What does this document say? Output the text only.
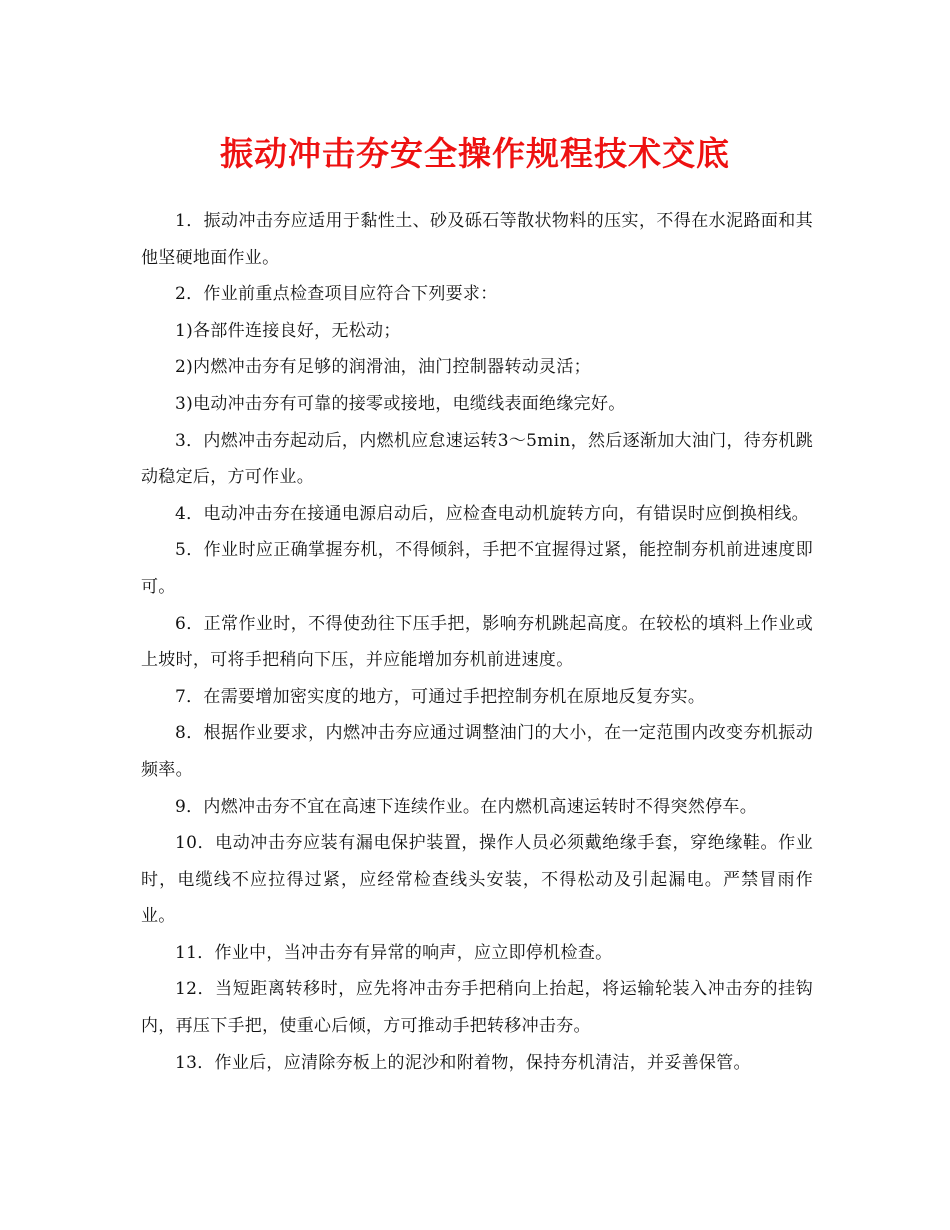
振动冲击夯安全操作规程技术交底

1．振动冲击夯应适用于黏性土、砂及砾石等散状物料的压实，不得在水泥路面和其他坚硬地面作业。

2．作业前重点检查项目应符合下列要求：

1)各部件连接良好，无松动；

2)内燃冲击夯有足够的润滑油，油门控制器转动灵活；

3)电动冲击夯有可靠的接零或接地，电缆线表面绝缘完好。

3．内燃冲击夯起动后，内燃机应怠速运转3～5min，然后逐渐加大油门，待夯机跳动稳定后，方可作业。

4．电动冲击夯在接通电源启动后，应检查电动机旋转方向，有错误时应倒换相线。

5．作业时应正确掌握夯机，不得倾斜，手把不宜握得过紧，能控制夯机前进速度即可。

6．正常作业时，不得使劲往下压手把，影响夯机跳起高度。在较松的填料上作业或上坡时，可将手把稍向下压，并应能增加夯机前进速度。

7．在需要增加密实度的地方，可通过手把控制夯机在原地反复夯实。

8．根据作业要求，内燃冲击夯应通过调整油门的大小，在一定范围内改变夯机振动频率。

9．内燃冲击夯不宜在高速下连续作业。在内燃机高速运转时不得突然停车。

10．电动冲击夯应装有漏电保护装置，操作人员必须戴绝缘手套，穿绝缘鞋。作业时，电缆线不应拉得过紧，应经常检查线头安装，不得松动及引起漏电。严禁冒雨作业。

11．作业中，当冲击夯有异常的响声，应立即停机检查。

12．当短距离转移时，应先将冲击夯手把稍向上抬起，将运输轮装入冲击夯的挂钩内，再压下手把，使重心后倾，方可推动手把转移冲击夯。

13．作业后，应清除夯板上的泥沙和附着物，保持夯机清洁，并妥善保管。
